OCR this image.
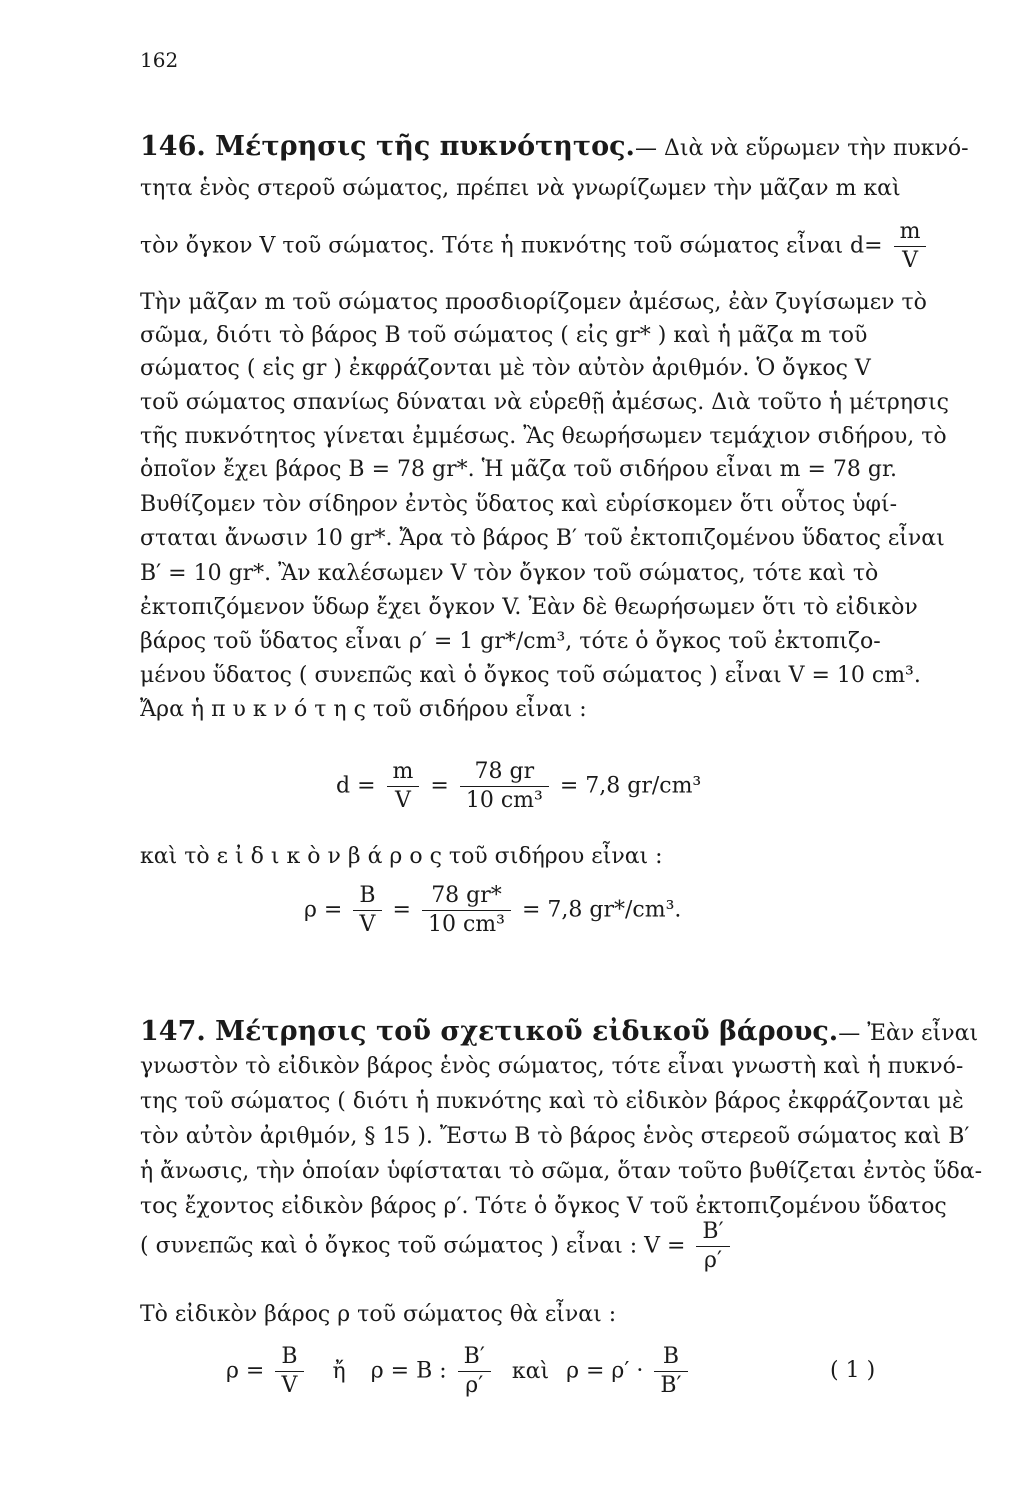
162
146. Μέτρησις τῆς πυκνότητος.— Διὰ νὰ εὕρωμεν τὴν πυκνό-
τητα ἑνὸς στεροῦ σώματος, πρέπει νὰ γνωρίζωμεν τὴν μᾶζαν m καὶ
τὸν ὄγκον V τοῦ σώματος. Τότε ἡ πυκνότης τοῦ σώματος εἶναι $d= \frac{m}{V}$
Τὴν μᾶζαν m τοῦ σώματος προσδιορίζομεν ἀμέσως, ἐὰν ζυγίσωμεν τὸ
σῶμα, διότι τὸ βάρος Β τοῦ σώματος ( εἰς gr* ) καὶ ἡ μᾶζα m τοῦ
σώματος ( εἰς gr ) ἐκφράζονται μὲ τὸν αὐτὸν ἀριθμόν. Ὁ ὄγκος V
τοῦ σώματος σπανίως δύναται νὰ εὑρεθῇ ἀμέσως. Διὰ τοῦτο ἡ μέτρησις
τῆς πυκνότητος γίνεται ἐμμέσως. Ἂς θεωρήσωμεν τεμάχιον σιδήρου, τὸ
ὁποῖον ἔχει βάρος Β = 78 gr*. Ἡ μᾶζα τοῦ σιδήρου εἶναι m = 78 gr.
Βυθίζομεν τὸν σίδηρον ἐντὸς ὕδατος καὶ εὑρίσκομεν ὅτι οὗτος ὑφί-
σταται ἄνωσιν 10 gr*. Ἄρα τὸ βάρος Β′ τοῦ ἐκτοπιζομένου ὕδατος εἶναι
Β′ = 10 gr*. Ἂν καλέσωμεν V τὸν ὄγκον τοῦ σώματος, τότε καὶ τὸ
ἐκτοπιζόμενον ὕδωρ ἔχει ὄγκον V. Ἐὰν δὲ θεωρήσωμεν ὅτι τὸ εἰδικὸν
βάρος τοῦ ὕδατος εἶναι ρ′ = 1 gr*/cm³, τότε ὁ ὄγκος τοῦ ἐκτοπιζο-
μένου ὕδατος ( συνεπῶς καὶ ὁ ὄγκος τοῦ σώματος ) εἶναι V = 10 cm³.
Ἄρα ἡ π υ κ ν ό τ η ς τοῦ σιδήρου εἶναι :
$d = \frac{m}{V} = \frac{78 gr}{\text{10 cm³}} = 7,8$ gr/cm³
καὶ τὸ ε ἰ δ ι κ ὸ ν β ά ρ ο ς τοῦ σιδήρου εἶναι :
$\rho = \frac{B}{V} = \frac{78 gr*}{\text{10 cm³}} = 7,8$ gr*/cm³.
147. Μέτρησις τοῦ σχετικοῦ εἰδικοῦ βάρους.— Ἐὰν εἶναι
γνωστὸν τὸ εἰδικὸν βάρος ἑνὸς σώματος, τότε εἶναι γνωστὴ καὶ ἡ πυκνό-
της τοῦ σώματος ( διότι ἡ πυκνότης καὶ τὸ εἰδικὸν βάρος ἐκφράζονται μὲ
τὸν αὐτὸν ἀριθμόν, § 15 ). Ἔστω Β τὸ βάρος ἑνὸς στερεοῦ σώματος καὶ Β′
ἡ ἄνωσις, τὴν ὁποίαν ὑφίσταται τὸ σῶμα, ὅταν τοῦτο βυθίζεται ἐντὸς ὕδα-
τος ἔχοντος εἰδικὸν βάρος ρ′. Τότε ὁ ὄγκος V τοῦ ἐκτοπιζομένου ὕδατος
( συνεπῶς καὶ ὁ ὄγκος τοῦ σώματος ) εἶναι : $V = \frac{B'}{\rho'}$
Τὸ εἰδικὸν βάρος ρ τοῦ σώματος θὰ εἶναι :
$\rho = \frac{B}{V}$ ἤ ρ = Β : $\frac{B'}{\rho'}$ καὶ $\rho = \rho' \cdot \frac{B}{B'}$	( 1 )
